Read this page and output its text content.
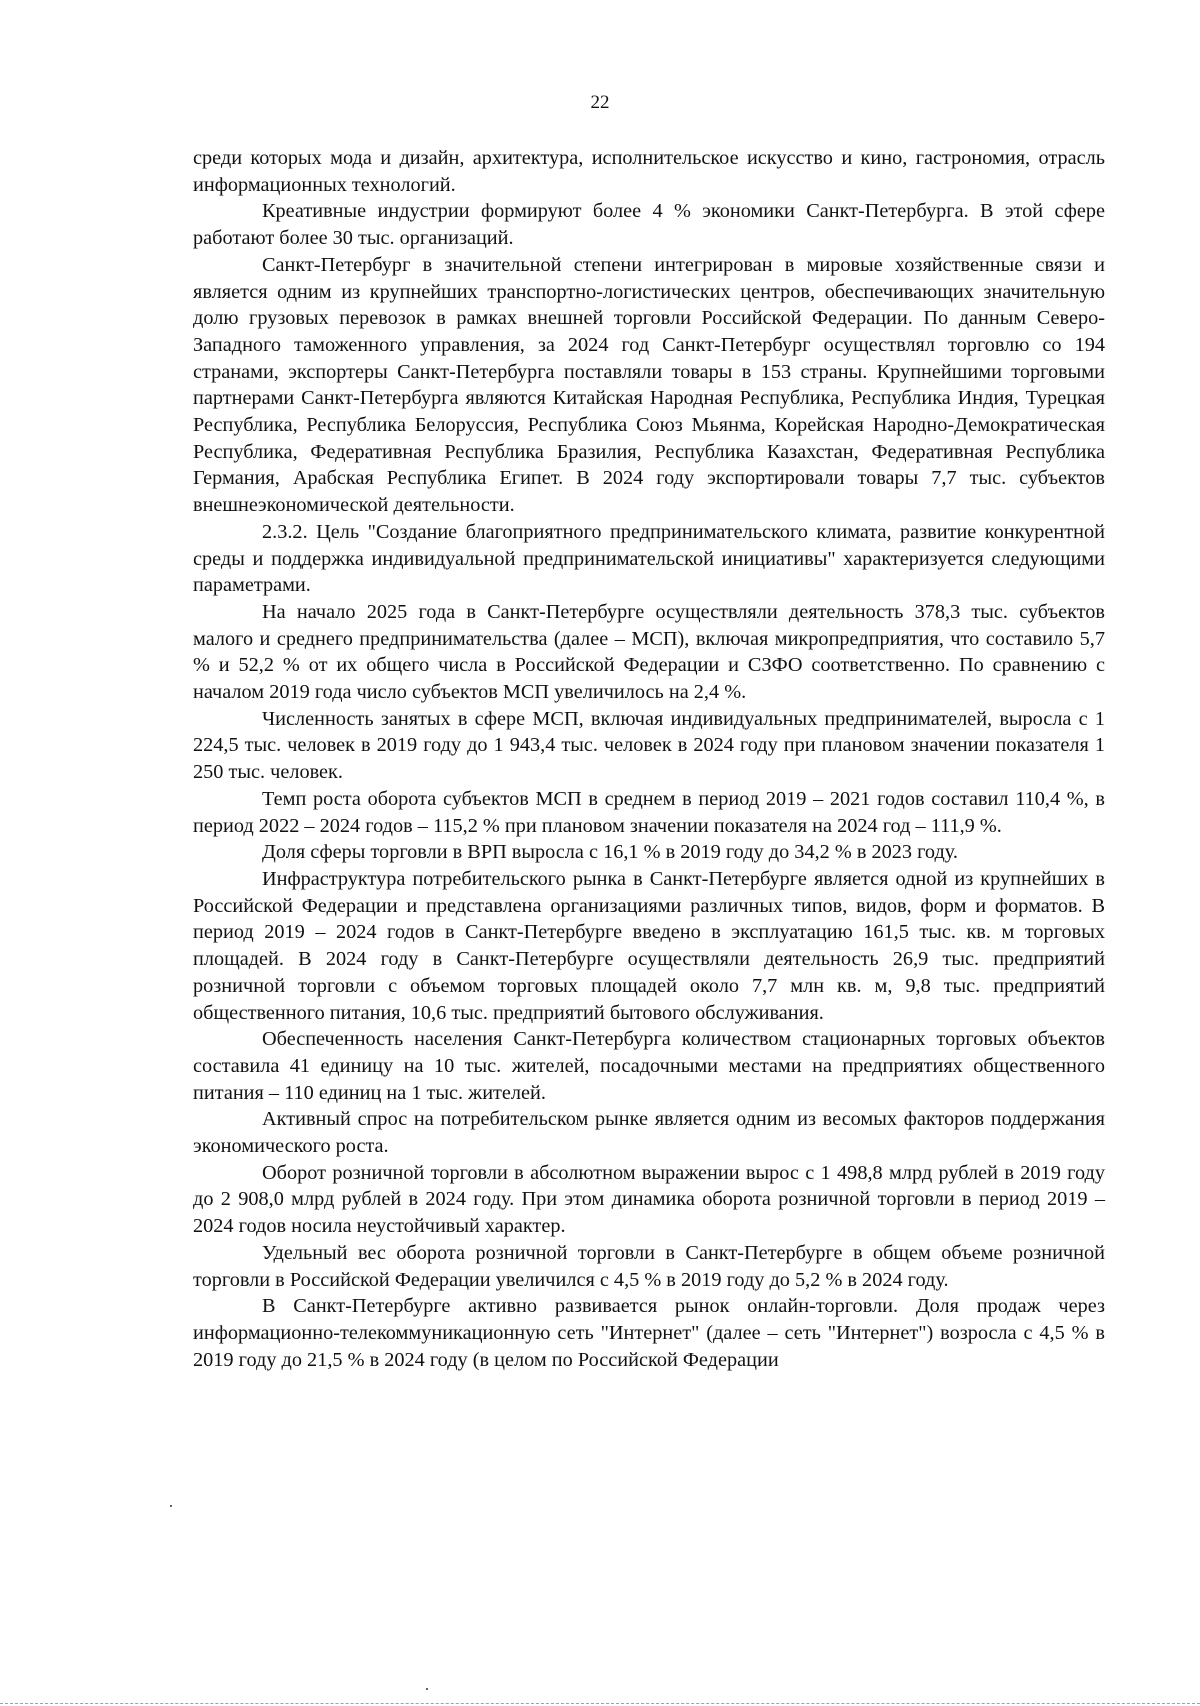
22

среди которых мода и дизайн, архитектура, исполнительское искусство и кино, гастрономия, отрасль информационных технологий.

Креативные индустрии формируют более 4 % экономики Санкт-Петербурга. В этой сфере работают более 30 тыс. организаций.

Санкт-Петербург в значительной степени интегрирован в мировые хозяйственные связи и является одним из крупнейших транспортно-логистических центров, обеспечивающих значительную долю грузовых перевозок в рамках внешней торговли Российской Федерации. По данным Северо-Западного таможенного управления, за 2024 год Санкт-Петербург осуществлял торговлю со 194 странами, экспортеры Санкт-Петербурга поставляли товары в 153 страны. Крупнейшими торговыми партнерами Санкт-Петербурга являются Китайская Народная Республика, Республика Индия, Турецкая Республика, Республика Белоруссия, Республика Союз Мьянма, Корейская Народно-Демократическая Республика, Федеративная Республика Бразилия, Республика Казахстан, Федеративная Республика Германия, Арабская Республика Египет. В 2024 году экспортировали товары 7,7 тыс. субъектов внешнеэкономической деятельности.

2.3.2. Цель "Создание благоприятного предпринимательского климата, развитие конкурентной среды и поддержка индивидуальной предпринимательской инициативы" характеризуется следующими параметрами.

На начало 2025 года в Санкт-Петербурге осуществляли деятельность 378,3 тыс. субъектов малого и среднего предпринимательства (далее – МСП), включая микропредприятия, что составило 5,7 % и 52,2 % от их общего числа в Российской Федерации и СЗФО соответственно. По сравнению с началом 2019 года число субъектов МСП увеличилось на 2,4 %.

Численность занятых в сфере МСП, включая индивидуальных предпринимателей, выросла с 1 224,5 тыс. человек в 2019 году до 1 943,4 тыс. человек в 2024 году при плановом значении показателя 1 250 тыс. человек.

Темп роста оборота субъектов МСП в среднем в период 2019 – 2021 годов составил 110,4 %, в период 2022 – 2024 годов – 115,2 % при плановом значении показателя на 2024 год – 111,9 %.

Доля сферы торговли в ВРП выросла с 16,1 % в 2019 году до 34,2 % в 2023 году.

Инфраструктура потребительского рынка в Санкт-Петербурге является одной из крупнейших в Российской Федерации и представлена организациями различных типов, видов, форм и форматов. В период 2019 – 2024 годов в Санкт-Петербурге введено в эксплуатацию 161,5 тыс. кв. м торговых площадей. В 2024 году в Санкт-Петербурге осуществляли деятельность 26,9 тыс. предприятий розничной торговли с объемом торговых площадей около 7,7 млн кв. м, 9,8 тыс. предприятий общественного питания, 10,6 тыс. предприятий бытового обслуживания.

Обеспеченность населения Санкт-Петербурга количеством стационарных торговых объектов составила 41 единицу на 10 тыс. жителей, посадочными местами на предприятиях общественного питания – 110 единиц на 1 тыс. жителей.

Активный спрос на потребительском рынке является одним из весомых факторов поддержания экономического роста.

Оборот розничной торговли в абсолютном выражении вырос с 1 498,8 млрд рублей в 2019 году до 2 908,0 млрд рублей в 2024 году. При этом динамика оборота розничной торговли в период 2019 – 2024 годов носила неустойчивый характер.

Удельный вес оборота розничной торговли в Санкт-Петербурге в общем объеме розничной торговли в Российской Федерации увеличился с 4,5 % в 2019 году до 5,2 % в 2024 году.

В Санкт-Петербурге активно развивается рынок онлайн-торговли. Доля продаж через информационно-телекоммуникационную сеть "Интернет" (далее – сеть "Интернет") возросла с 4,5 % в 2019 году до 21,5 % в 2024 году (в целом по Российской Федерации
